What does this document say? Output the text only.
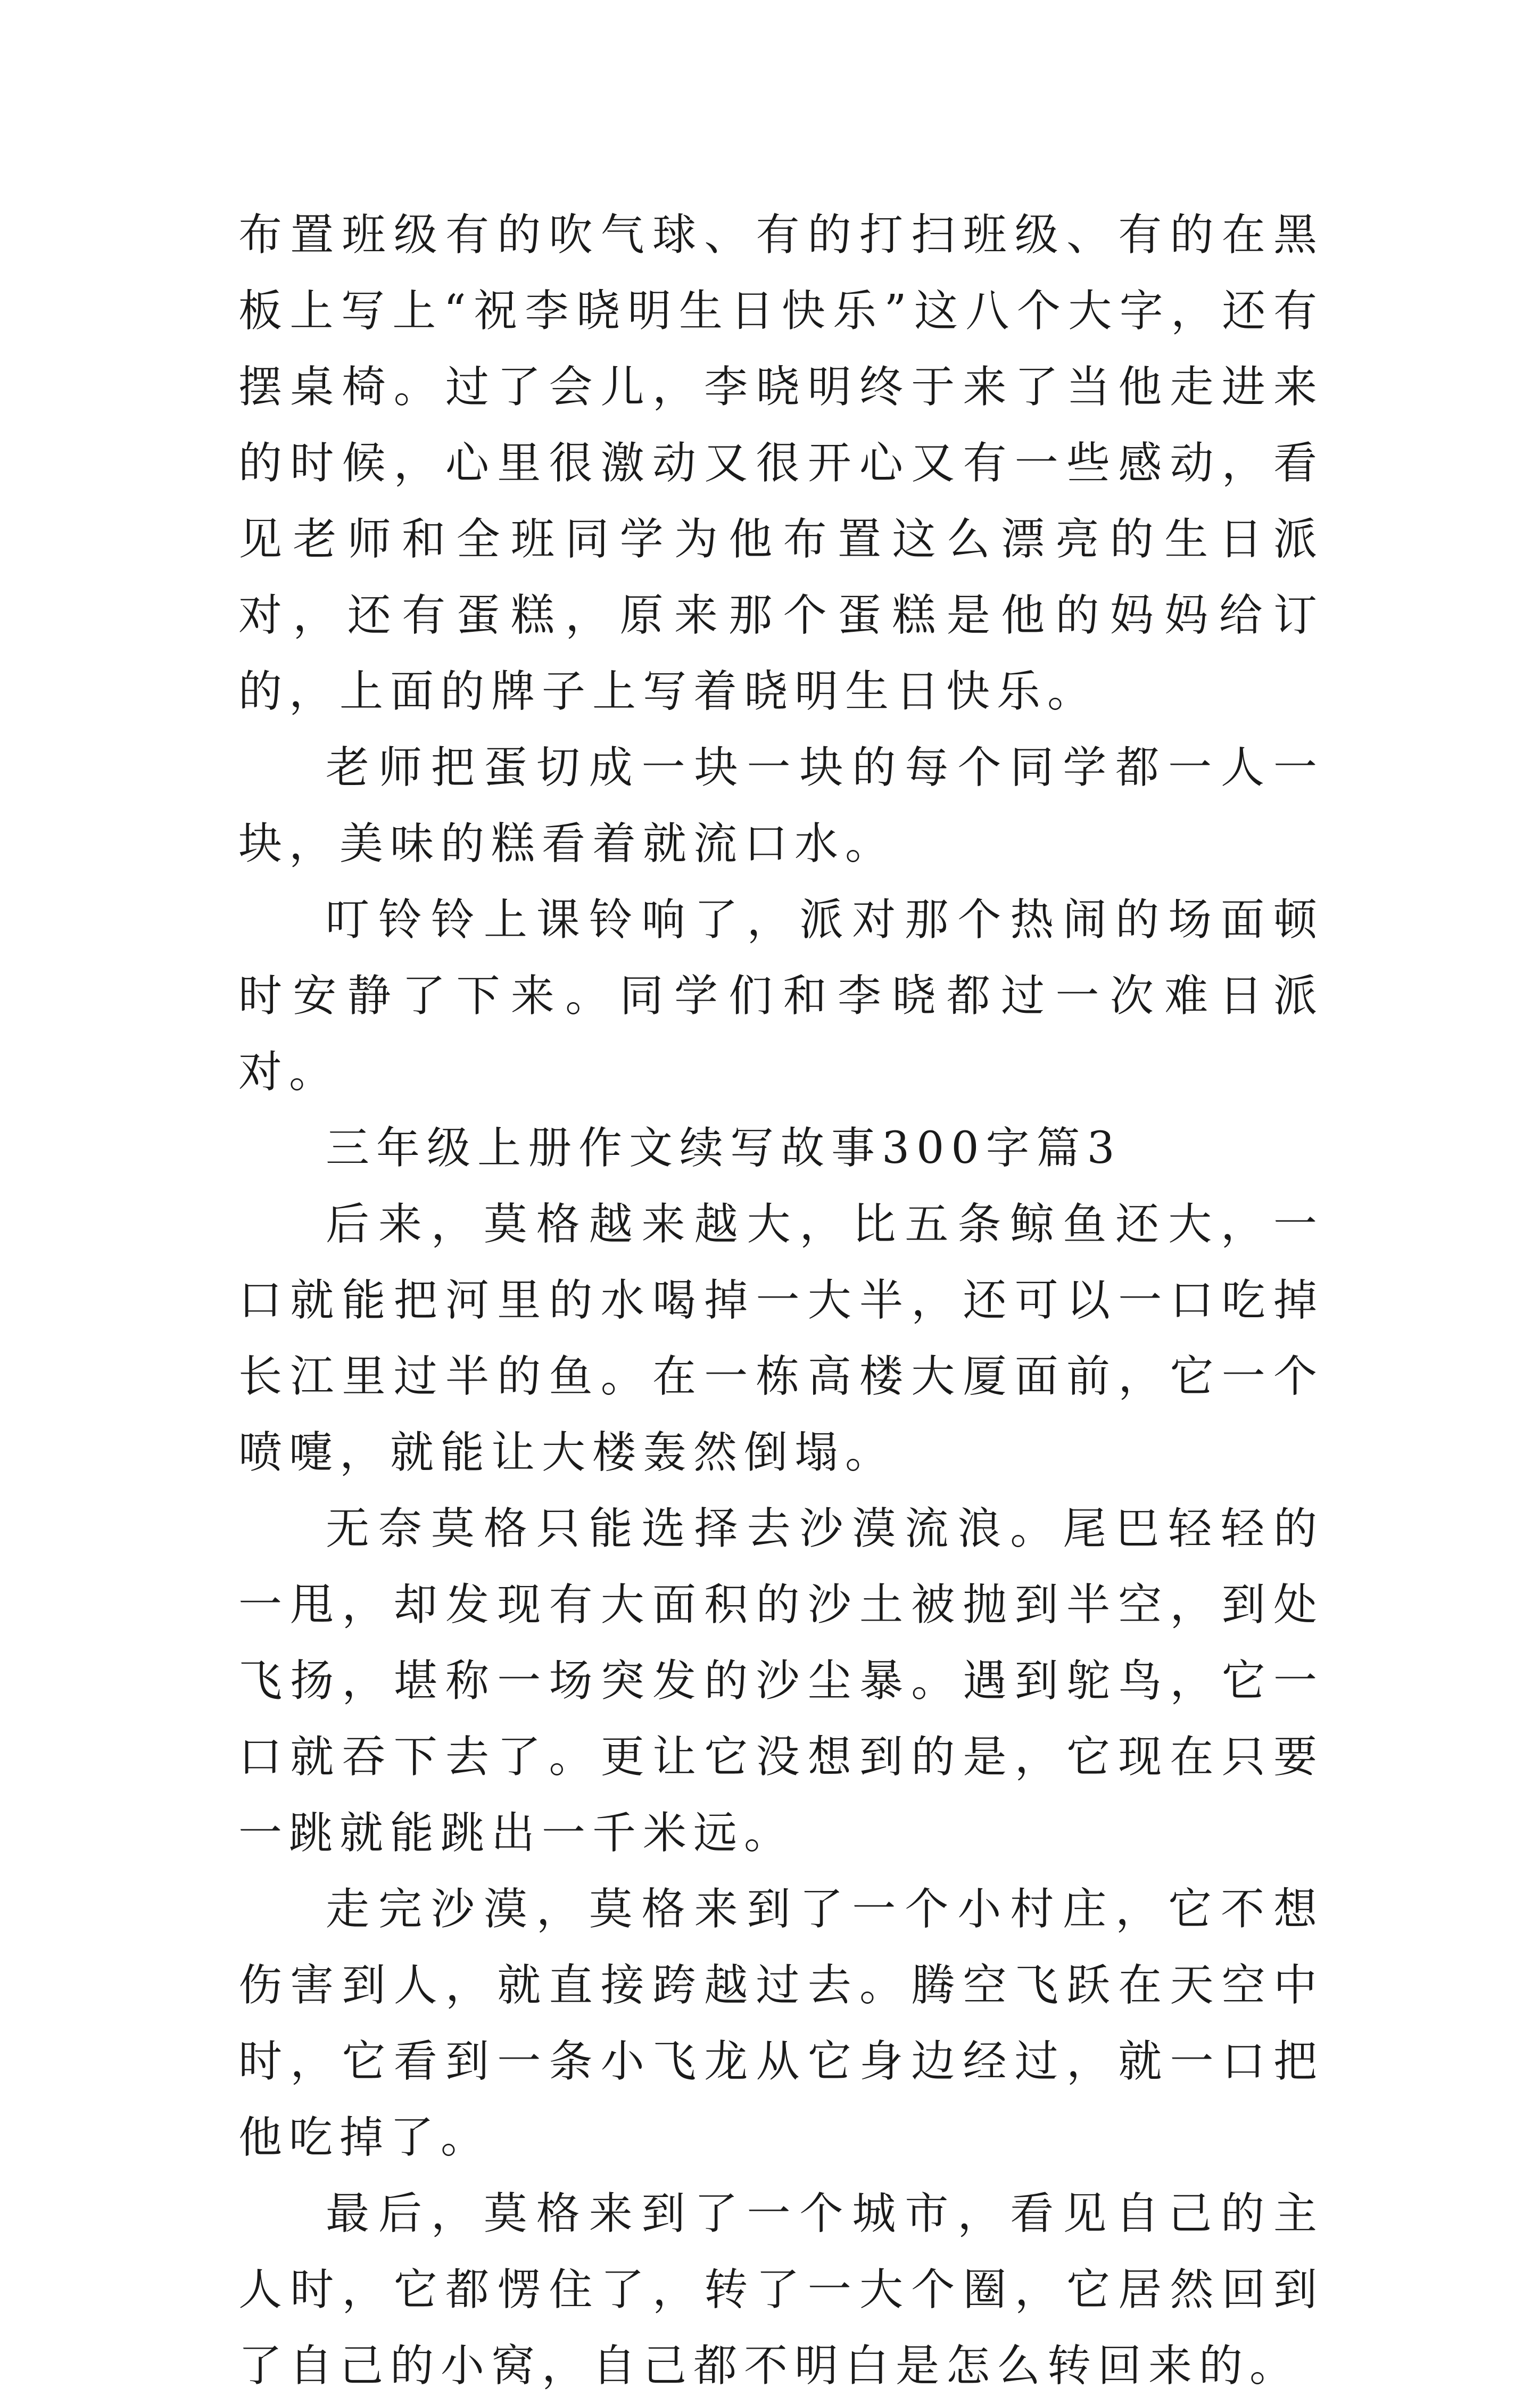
布置班级有的吹气球、有的打扫班级、有的在黑板上写上“祝李晓明生日快乐”这八个大字，还有摆桌椅。过了会儿，李晓明终于来了当他走进来的时候，心里很激动又很开心又有一些感动，看见老师和全班同学为他布置这么漂亮的生日派对，还有蛋糕，原来那个蛋糕是他的妈妈给订的，上面的牌子上写着晓明生日快乐。

老师把蛋切成一块一块的每个同学都一人一块，美味的糕看着就流口水。

叮铃铃上课铃响了，派对那个热闹的场面顿时安静了下来。同学们和李晓都过一次难日派对。

三年级上册作文续写故事300字篇3

后来，莫格越来越大，比五条鲸鱼还大，一口就能把河里的水喝掉一大半，还可以一口吃掉长江里过半的鱼。在一栋高楼大厦面前，它一个喷嚏，就能让大楼轰然倒塌。

无奈莫格只能选择去沙漠流浪。尾巴轻轻的一甩，却发现有大面积的沙土被抛到半空，到处飞扬，堪称一场突发的沙尘暴。遇到鸵鸟，它一口就吞下去了。更让它没想到的是，它现在只要一跳就能跳出一千米远。

走完沙漠，莫格来到了一个小村庄，它不想伤害到人，就直接跨越过去。腾空飞跃在天空中时，它看到一条小飞龙从它身边经过，就一口把他吃掉了。

最后，莫格来到了一个城市，看见自己的主人时，它都愣住了，转了一大个圈，它居然回到了自己的小窝，自己都不明白是怎么转回来的。
